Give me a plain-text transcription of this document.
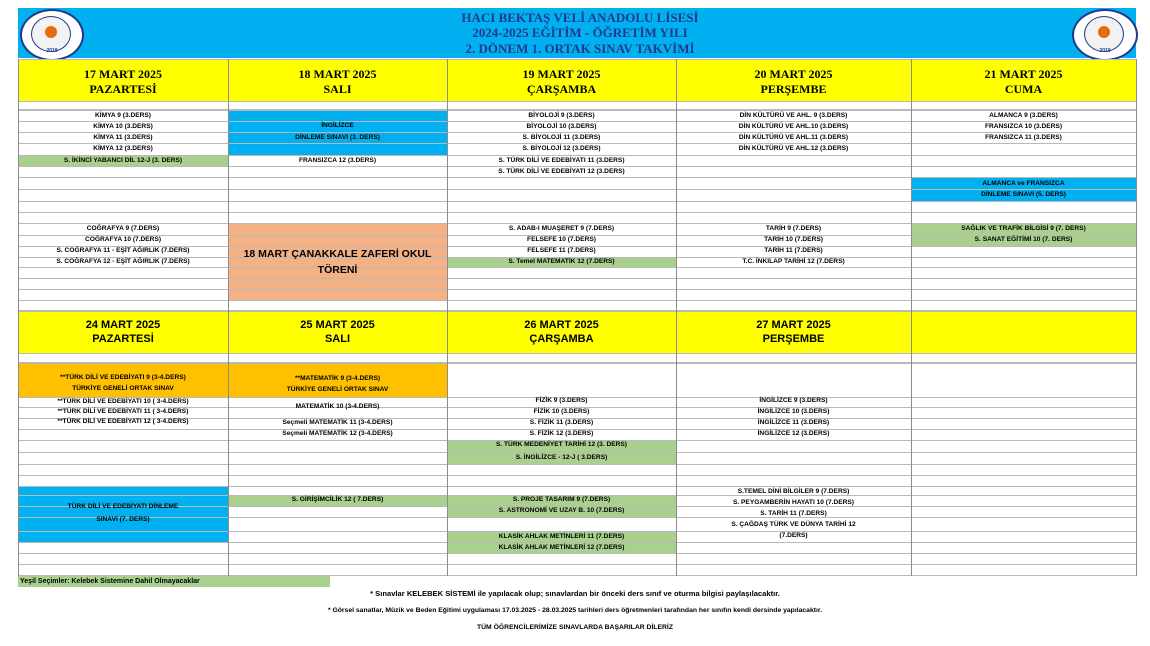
HACI BEKTAŞ VELİ ANADOLU LİSESİ
2024-2025 EĞİTİM - ÖĞRETİM YILI
2. DÖNEM 1. ORTAK SINAV TAKVİMİ
2019	2019
17 MART 2025
PAZARTESİ
18 MART 2025
SALI
19 MART 2025
ÇARŞAMBA
20 MART 2025
PERŞEMBE
21 MART 2025
CUMA
24 MART 2025
PAZARTESİ
25 MART 2025
SALI
26 MART 2025
ÇARŞAMBA
27 MART 2025
PERŞEMBE
KİMYA 9 (3.DERS)
KİMYA 10 (3.DERS)
KİMYA 11 (3.DERS)
KİMYA 12 (3.DERS)
S. İKİNCİ YABANCI DİL 12-J (3. DERS)
COĞRAFYA 9 (7.DERS)
COĞRAFYA 10 (7.DERS)
S. COĞRAFYA 11 - EŞİT AĞIRLIK (7.DERS)
S. COĞRAFYA 12 - EŞİT AĞIRLIK (7.DERS)
İNGİLİZCE
DİNLEME SINAVI (3. DERS)
FRANSIZCA 12 (3.DERS)
18 MART ÇANAKKALE ZAFERİ OKUL
TÖRENİ
BİYOLOJİ 9 (3.DERS)
BİYOLOJİ 10 (3.DERS)
S. BİYOLOJİ 11 (3.DERS)
S. BİYOLOJİ 12 (3.DERS)
S. TÜRK DİLİ VE EDEBİYATI 11 (3.DERS)
S. TÜRK DİLİ VE EDEBİYATI 12 (3.DERS)
S. ADAB-I MUAŞERET 9 (7.DERS)
FELSEFE 10 (7.DERS)
FELSEFE 11 (7.DERS)
S. Temel MATEMATİK 12 (7.DERS)
DİN KÜLTÜRÜ VE AHL. 9 (3.DERS)
DİN KÜLTÜRÜ VE AHL.10 (3.DERS)
DİN KÜLTÜRÜ VE AHL.11 (3.DERS)
DİN KÜLTÜRÜ VE AHL.12 (3.DERS)
TARİH 9 (7.DERS)
TARİH 10 (7.DERS)
TARİH 11 (7.DERS)
T.C. İNKILAP TARİHİ 12 (7.DERS)
ALMANCA 9 (3.DERS)
FRANSIZCA 10 (3.DERS)
FRANSIZCA 11 (3.DERS)
ALMANCA ve FRANSIZCA
DİNLEME SINAVI (5. DERS)
SAĞLIK VE TRAFİK BİLGİSİ 9 (7. DERS)
S. SANAT EĞİTİMİ 10 (7. DERS)
**TÜRK DİLİ VE EDEBİYATI 9 (3-4.DERS)
TÜRKİYE GENELİ ORTAK SINAV
**TÜRK DİLİ VE EDEBİYATI 10 ( 3-4.DERS)
**TÜRK DİLİ VE EDEBİYATI 11 ( 3-4.DERS)
**TÜRK DİLİ VE EDEBİYATI 12 ( 3-4.DERS)
TÜRK DİLİ VE EDEBİYATI DİNLEME
SINAVI (7. DERS)
**MATEMATİK 9 (3-4.DERS)
TÜRKİYE GENELİ ORTAK SINAV
MATEMATİK 10 (3-4.DERS)
Seçmeli MATEMATİK 11 (3-4.DERS)
Seçmeli MATEMATİK 12 (3-4.DERS)
S. GİRİŞİMCİLİK 12 ( 7.DERS)
FİZİK 9 (3.DERS)
FİZİK 10 (3.DERS)
S. FİZİK 11 (3.DERS)
S. FİZİK 12 (3.DERS)
S. TÜRK MEDENİYET TARİHİ 12 (3. DERS)
S. İNGİLİZCE - 12-J ( 3.DERS)
S. PROJE TASARIM 9 (7.DERS)
S. ASTRONOMİ VE UZAY B. 10 (7.DERS)
KLASİK AHLAK METİNLERİ 11 (7.DERS)
KLASİK AHLAK METİNLERİ 12 (7.DERS)
İNGİLİZCE 9 (3.DERS)
İNGİLİZCE 10 (3.DERS)
İNGİLİZCE 11 (3.DERS)
İNGİLİZCE 12 (3.DERS)
S.TEMEL DİNİ BİLGİLER 9 (7.DERS)
S. PEYGAMBERİN HAYATI 10 (7.DERS)
S. TARİH 11 (7.DERS)
S. ÇAĞDAŞ TÜRK VE DÜNYA TARİHİ 12
(7.DERS)
Yeşil Seçimler: Kelebek Sistemine Dahil Olmayacaklar
* Sınavlar KELEBEK SİSTEMİ ile yapılacak olup; sınavlardan bir önceki ders sınıf ve oturma bilgisi paylaşılacaktır.
* Görsel sanatlar, Müzik ve Beden Eğitimi uygulaması 17.03.2025 - 28.03.2025 tarihleri ders öğretmenleri tarafından her sınıfın kendi dersinde yapılacaktır.
TÜM ÖĞRENCİLERİMİZE SINAVLARDA BAŞARILAR DİLERİZ
